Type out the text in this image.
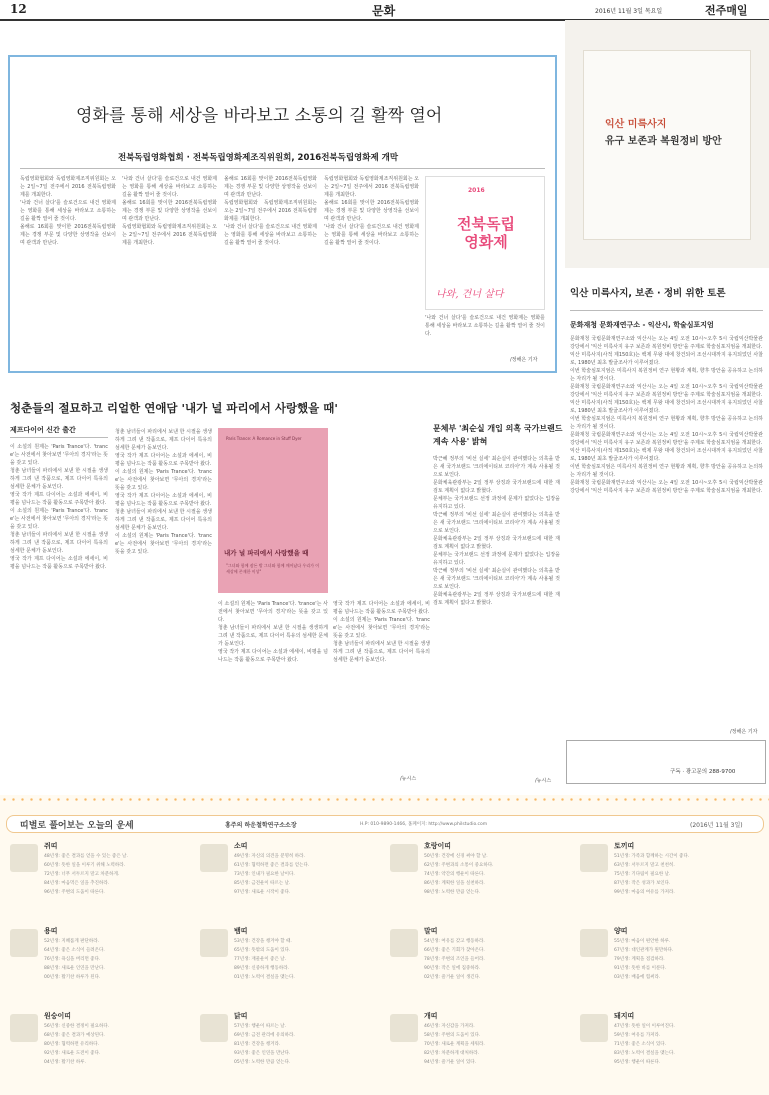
12	문화	2016년 11월 3일 목요일	전주매일
영화를 통해 세상을 바라보고 소통의 길 활짝 열어
전북독립영화협회 · 전북독립영화제조직위원회, 2016전북독립영화제 개막

독립영화협회와 독립영화제조직위원회는 오는 2일~7일 전주에서 2016 전북독립영화제를 개최한다.

'나와 건너 살다'를 슬로건으로 내건 영화제는 영화를 통해 세상을 바라보고 소통하는 길을 활짝 열어 줄 것이다.

올해로 16회를 맞이한 2016전북독립영화제는 경쟁 부문 및 다양한 상영작을 선보이며 관객과 만난다.

'나와 건너 살다'를 슬로건으로 내건 영화제는 영화를 통해 세상을 바라보고 소통하는 길을 활짝 열어 줄 것이다.

올해로 16회를 맞이한 2016전북독립영화제는 경쟁 부문 및 다양한 상영작을 선보이며 관객과 만난다.

독립영화협회와 독립영화제조직위원회는 오는 2일~7일 전주에서 2016 전북독립영화제를 개최한다.

올해로 16회를 맞이한 2016전북독립영화제는 경쟁 부문 및 다양한 상영작을 선보이며 관객과 만난다.

독립영화협회와 독립영화제조직위원회는 오는 2일~7일 전주에서 2016 전북독립영화제를 개최한다.

'나와 건너 살다'를 슬로건으로 내건 영화제는 영화를 통해 세상을 바라보고 소통하는 길을 활짝 열어 줄 것이다.

독립영화협회와 독립영화제조직위원회는 오는 2일~7일 전주에서 2016 전북독립영화제를 개최한다.

올해로 16회를 맞이한 2016전북독립영화제는 경쟁 부문 및 다양한 상영작을 선보이며 관객과 만난다.

'나와 건너 살다'를 슬로건으로 내건 영화제는 영화를 통해 세상을 바라보고 소통하는 길을 활짝 열어 줄 것이다.

2016
전북독립영화제
나와, 건너 살다

'나와 건너 살다'를 슬로건으로 내건 영화제는 영화를 통해 세상을 바라보고 소통하는 길을 활짝 열어 줄 것이다.

/정해은 기자
익산 미륵사지
유구 보존과 복원정비 방안
익산 미륵사지, 보존 · 정비 위한 토론
문화재청 문화재연구소 - 익산시, 학술심포지엄

문화재청 국립문화재연구소와 익산시는 오는 4일 오전 10시~오후 5시 국립익산박물관 강당에서 '익산 미륵사지 유구 보존과 복원정비 방안'을 주제로 학술심포지엄을 개최한다.

익산 미륵사지(사적 제150호)는 백제 무왕 대에 창건되어 조선시대까지 유지되었던 사찰로, 1980년 최초 발굴조사가 이루어졌다.

이번 학술심포지엄은 미륵사지 복원정비 연구 현황과 계획, 향후 방안을 공유하고 논의하는 자리가 될 것이다.

문화재청 국립문화재연구소와 익산시는 오는 4일 오전 10시~오후 5시 국립익산박물관 강당에서 '익산 미륵사지 유구 보존과 복원정비 방안'을 주제로 학술심포지엄을 개최한다.

익산 미륵사지(사적 제150호)는 백제 무왕 대에 창건되어 조선시대까지 유지되었던 사찰로, 1980년 최초 발굴조사가 이루어졌다.

이번 학술심포지엄은 미륵사지 복원정비 연구 현황과 계획, 향후 방안을 공유하고 논의하는 자리가 될 것이다.

문화재청 국립문화재연구소와 익산시는 오는 4일 오전 10시~오후 5시 국립익산박물관 강당에서 '익산 미륵사지 유구 보존과 복원정비 방안'을 주제로 학술심포지엄을 개최한다.

익산 미륵사지(사적 제150호)는 백제 무왕 대에 창건되어 조선시대까지 유지되었던 사찰로, 1980년 최초 발굴조사가 이루어졌다.

이번 학술심포지엄은 미륵사지 복원정비 연구 현황과 계획, 향후 방안을 공유하고 논의하는 자리가 될 것이다.

문화재청 국립문화재연구소와 익산시는 오는 4일 오전 10시~오후 5시 국립익산박물관 강당에서 '익산 미륵사지 유구 보존과 복원정비 방안'을 주제로 학술심포지엄을 개최한다.

/정해은 기자
청춘들의 절묘하고 리얼한 연애담 '내가 널 파리에서 사랑했을 때'
제프다이어 신간 출간

이 소설의 원제는 'Paris Trance'다. 'trance'는 사전에서 찾아보면 '무아의 경지'라는 뜻을 갖고 있다.

청춘 남녀들이 파리에서 보낸 한 시절을 생생하게 그려 낸 작품으로, 제프 다이어 특유의 섬세한 문체가 돋보인다.

영국 작가 제프 다이어는 소설과 에세이, 비평을 넘나드는 작품 활동으로 주목받아 왔다.

이 소설의 원제는 'Paris Trance'다. 'trance'는 사전에서 찾아보면 '무아의 경지'라는 뜻을 갖고 있다.

청춘 남녀들이 파리에서 보낸 한 시절을 생생하게 그려 낸 작품으로, 제프 다이어 특유의 섬세한 문체가 돋보인다.

영국 작가 제프 다이어는 소설과 에세이, 비평을 넘나드는 작품 활동으로 주목받아 왔다.

청춘 남녀들이 파리에서 보낸 한 시절을 생생하게 그려 낸 작품으로, 제프 다이어 특유의 섬세한 문체가 돋보인다.

영국 작가 제프 다이어는 소설과 에세이, 비평을 넘나드는 작품 활동으로 주목받아 왔다.

이 소설의 원제는 'Paris Trance'다. 'trance'는 사전에서 찾아보면 '무아의 경지'라는 뜻을 갖고 있다.

영국 작가 제프 다이어는 소설과 에세이, 비평을 넘나드는 작품 활동으로 주목받아 왔다.

청춘 남녀들이 파리에서 보낸 한 시절을 생생하게 그려 낸 작품으로, 제프 다이어 특유의 섬세한 문체가 돋보인다.

이 소설의 원제는 'Paris Trance'다. 'trance'는 사전에서 찾아보면 '무아의 경지'라는 뜻을 갖고 있다.

Paris Trance: A Romance in Stuff Dyer
내가 널 파리에서 사랑했을 때
"그녀와 함께 잠든 밤 그녀와 함께 깨어났다 우리가 이 세상에 존재한 이상"

이 소설의 원제는 'Paris Trance'다. 'trance'는 사전에서 찾아보면 '무아의 경지'라는 뜻을 갖고 있다.

청춘 남녀들이 파리에서 보낸 한 시절을 생생하게 그려 낸 작품으로, 제프 다이어 특유의 섬세한 문체가 돋보인다.

영국 작가 제프 다이어는 소설과 에세이, 비평을 넘나드는 작품 활동으로 주목받아 왔다.

영국 작가 제프 다이어는 소설과 에세이, 비평을 넘나드는 작품 활동으로 주목받아 왔다.

이 소설의 원제는 'Paris Trance'다. 'trance'는 사전에서 찾아보면 '무아의 경지'라는 뜻을 갖고 있다.

청춘 남녀들이 파리에서 보낸 한 시절을 생생하게 그려 낸 작품으로, 제프 다이어 특유의 섬세한 문체가 돋보인다.

/뉴시스
문체부 '최순실 개입 의혹 국가브랜드 계속 사용' 밝혀

박근혜 정부의 '비선 실세' 최순실이 관여했다는 의혹을 받은 새 국가브랜드 '크리에이티브 코리아'가 계속 사용될 것으로 보인다.

문화체육관광부는 2일 정부 상징과 국가브랜드에 대한 재검토 계획이 없다고 밝혔다.

문체부는 국가브랜드 선정 과정에 문제가 없었다는 입장을 유지하고 있다.

박근혜 정부의 '비선 실세' 최순실이 관여했다는 의혹을 받은 새 국가브랜드 '크리에이티브 코리아'가 계속 사용될 것으로 보인다.

문화체육관광부는 2일 정부 상징과 국가브랜드에 대한 재검토 계획이 없다고 밝혔다.

문체부는 국가브랜드 선정 과정에 문제가 없었다는 입장을 유지하고 있다.

박근혜 정부의 '비선 실세' 최순실이 관여했다는 의혹을 받은 새 국가브랜드 '크리에이티브 코리아'가 계속 사용될 것으로 보인다.

문화체육관광부는 2일 정부 상징과 국가브랜드에 대한 재검토 계획이 없다고 밝혔다.

/뉴시스
구독 · 광고문의 288-9700
띠별로 풀어보는 오늘의 운세	홍주의 하운철학연구소소장	H.P: 010-9890-1466, 홈페이지: http://www.philstudio.com	(2016년 11월 3일)
쥐띠
48년생: 좋은 결과를 얻을 수 있는 좋은 날.
60년생: 뜻한 일을 이루기 위해 노력하라.
72년생: 너무 서두르지 말고 차분하게.
84년생: 마음먹은 일을 추진하라.
96년생: 주변의 도움이 따른다.
소띠
49년생: 자신의 의견을 분명히 하라.
61년생: 협력하면 좋은 결과를 얻는다.
73년생: 인내가 필요한 날이다.
85년생: 금전운이 따르는 날.
97년생: 새로운 시작이 좋다.
호랑이띠
50년생: 건강에 신경 써야 할 날.
62년생: 주변과의 소통이 중요하다.
74년생: 약간의 행운이 따른다.
86년생: 계획한 일을 실천하라.
98년생: 노력한 만큼 얻는다.
토끼띠
51년생: 가족과 함께하는 시간이 좋다.
63년생: 서두르지 말고 천천히.
75년생: 기다림이 필요한 날.
87년생: 작은 성과가 보인다.
99년생: 마음의 여유를 가져라.
용띠
52년생: 지혜롭게 판단하라.
64년생: 좋은 소식이 들려온다.
76년생: 욕심을 버리면 좋다.
88년생: 새로운 인연을 만난다.
00년생: 활기찬 하루가 된다.
뱀띠
53년생: 건강을 챙겨야 할 때.
65년생: 뜻밖의 도움이 있다.
77년생: 재물운이 좋은 날.
89년생: 신중하게 행동하라.
01년생: 노력이 결실을 맺는다.
말띠
54년생: 여유를 갖고 행동하라.
66년생: 좋은 기회가 찾아온다.
78년생: 주변의 조언을 들어라.
90년생: 작은 일에 집중하라.
02년생: 즐거운 일이 생긴다.
양띠
55년생: 마음이 편안한 하루.
67년생: 대인관계가 원만하다.
79년생: 계획을 점검하라.
91년생: 뜻한 바를 이룬다.
03년생: 배움에 힘써라.
원숭이띠
56년생: 신중한 결정이 필요하다.
68년생: 좋은 결과가 예상된다.
80년생: 협력하면 유리하다.
92년생: 새로운 도전이 좋다.
04년생: 활기찬 하루.
닭띠
57년생: 행운이 따르는 날.
69년생: 금전 관리에 유의하라.
81년생: 건강을 챙겨라.
93년생: 좋은 인연을 만난다.
05년생: 노력한 만큼 얻는다.
개띠
46년생: 자신감을 가져라.
58년생: 주변의 도움이 있다.
70년생: 새로운 계획을 세워라.
82년생: 차분하게 대처하라.
94년생: 즐거운 일이 있다.
돼지띠
47년생: 뜻한 일이 이루어진다.
59년생: 여유를 가져라.
71년생: 좋은 소식이 있다.
83년생: 노력이 결실을 맺는다.
95년생: 행운이 따른다.
